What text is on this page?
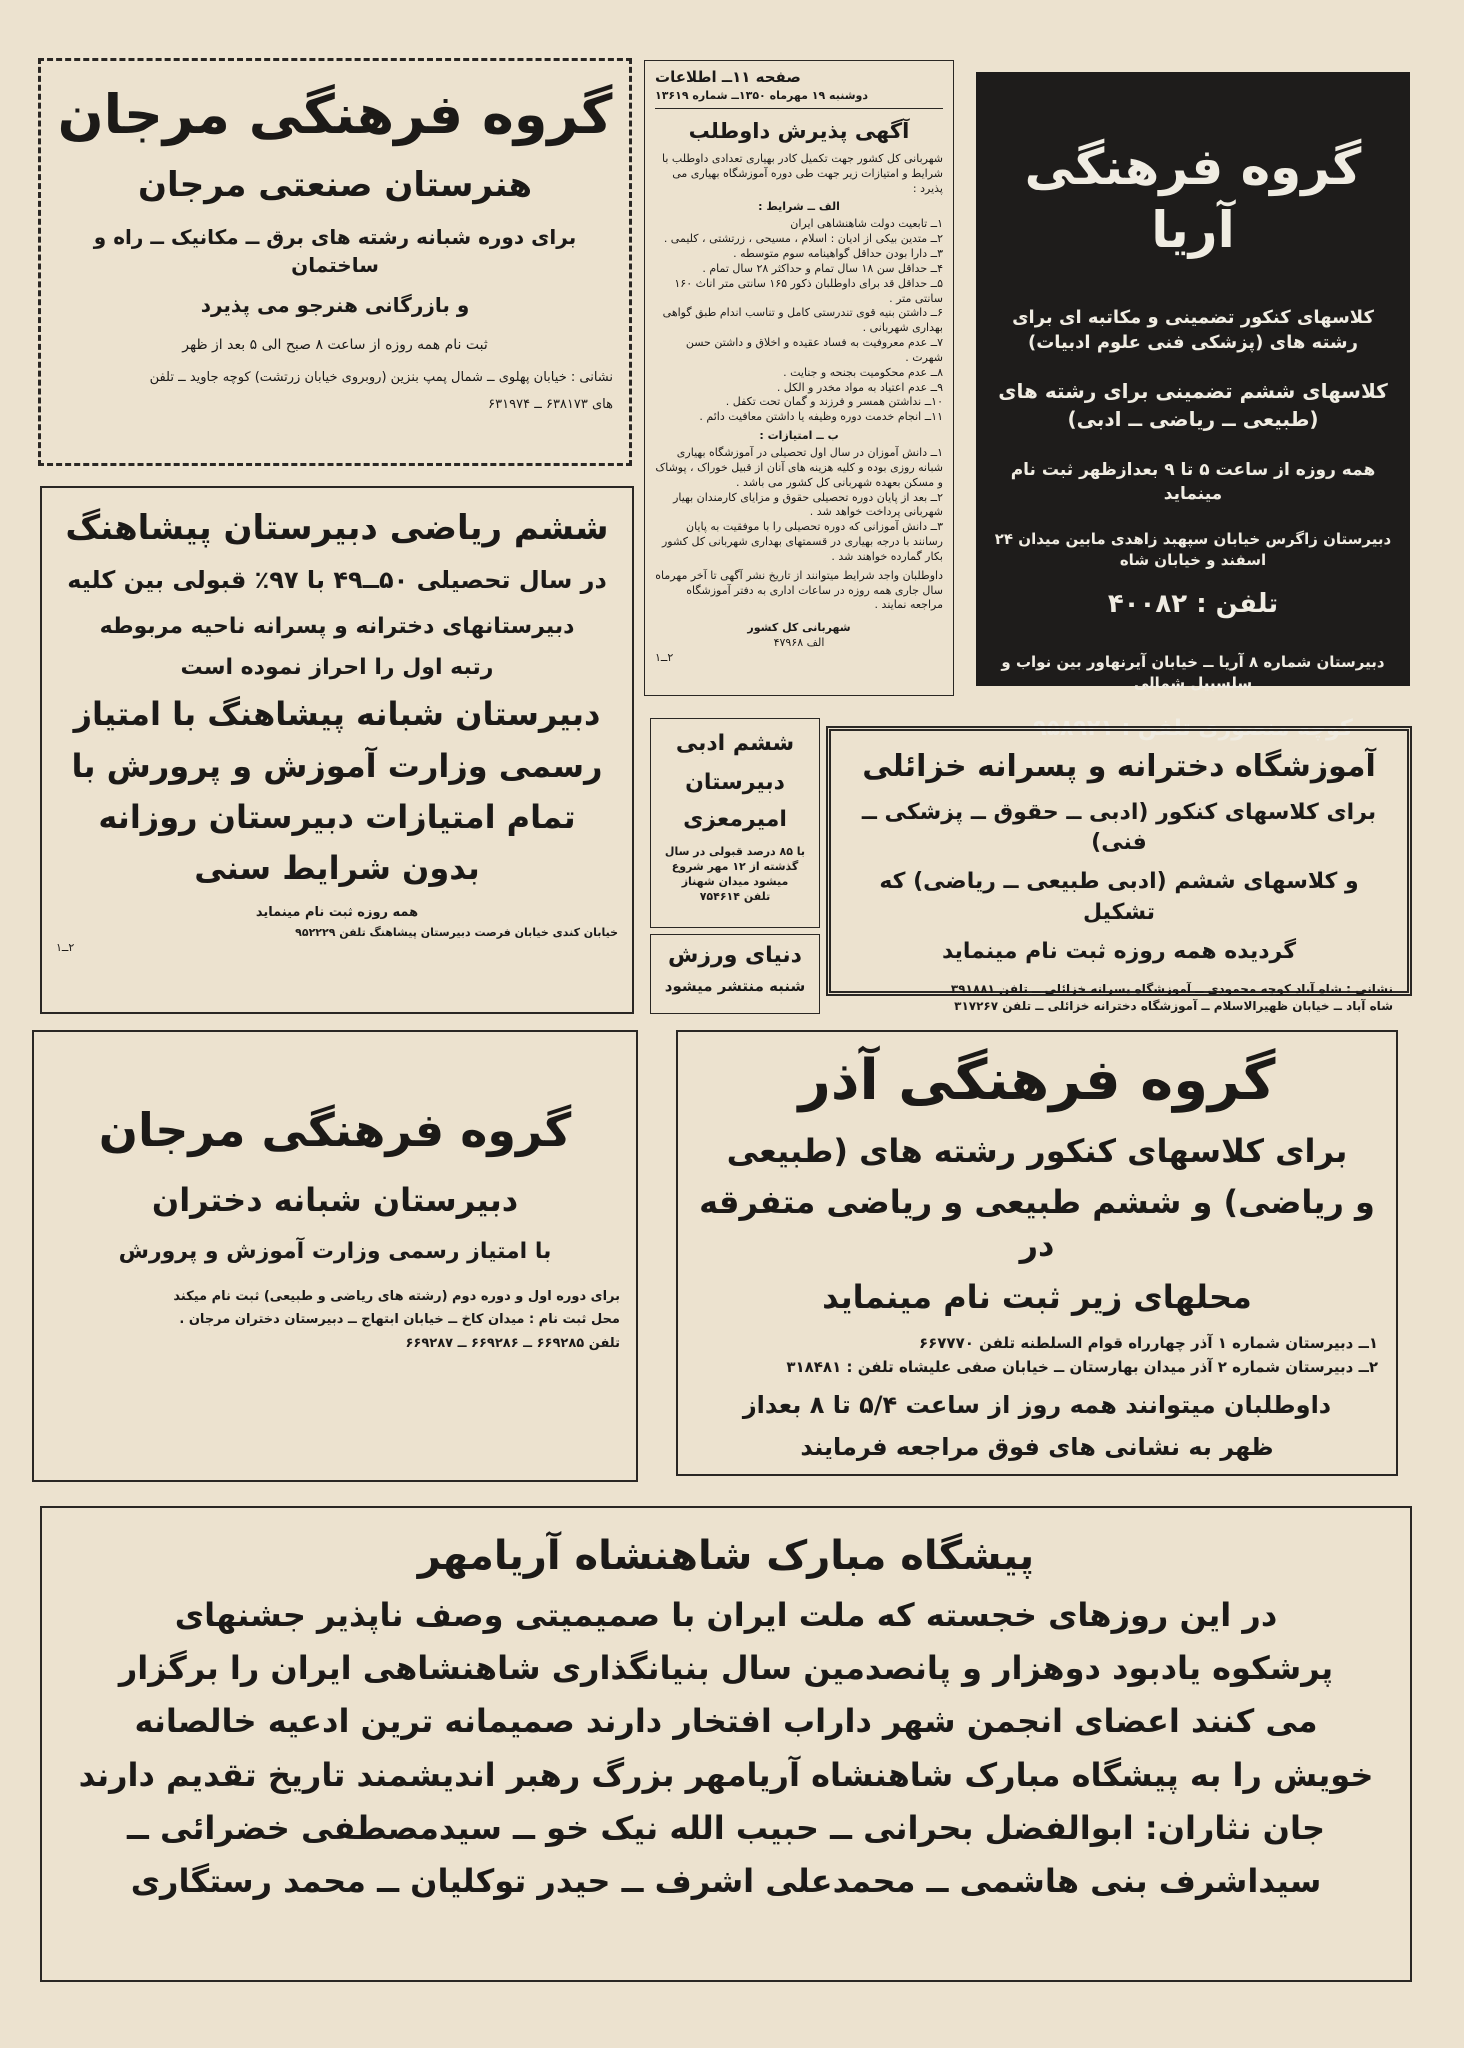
گروه فرهنگی مرجان
هنرستان صنعتی مرجان
برای دوره شبانه رشته های برق ــ مکانیک ــ راه و ساختمان
و بازرگانی هنرجو می پذیرد
ثبت نام همه روزه از ساعت ۸ صبح الی ۵ بعد از ظهر
نشانی : خیابان پهلوی ــ شمال پمپ بنزین (روبروی خیابان زرتشت) کوچه جاوید ــ تلفن
های ۶۳۸۱۷۳ ــ ۶۳۱۹۷۴
صفحه ۱۱ــ اطلاعات
دوشنبه ۱۹ مهرماه ۱۳۵۰ــ شماره ۱۳۶۱۹
آگهی پذیرش داوطلب
شهربانی کل کشور جهت تکمیل کادر بهیاری تعدادی داوطلب با شرایط و امتیازات زیر جهت طی دوره آموزشگاه بهیاری می پذیرد :
الف ــ شرایط :
۱ــ تابعیت دولت شاهنشاهی ایران
۲ــ متدین بیکی از ادیان : اسلام ، مسیحی ، زرتشتی ، کلیمی .
۳ــ دارا بودن حداقل گواهینامه سوم متوسطه .
۴ــ حداقل سن ۱۸ سال تمام و حداکثر ۲۸ سال تمام .
۵ــ حداقل قد برای داوطلبان ذکور ۱۶۵ سانتی متر اناث ۱۶۰ سانتی متر .
۶ــ داشتن بنیه قوی تندرستی کامل و تناسب اندام طبق گواهی بهداری شهربانی .
۷ــ عدم معروفیت به فساد عقیده و اخلاق و داشتن حسن شهرت .
۸ــ عدم محکومیت بجنحه و جنایت .
۹ــ عدم اعتیاد به مواد مخدر و الکل .
۱۰ــ نداشتن همسر و فرزند و گمان تحت تکفل .
۱۱ــ انجام خدمت دوره وظیفه یا داشتن معافیت دائم .
ب ــ امتیازات :
۱ــ دانش آموزان در سال اول تحصیلی در آموزشگاه بهیاری شبانه روزی بوده و کلیه هزینه های آنان از قبیل خوراک ، پوشاک و مسکن بعهده شهربانی کل کشور می باشد .
۲ــ بعد از پایان دوره تحصیلی حقوق و مزایای کارمندان بهیار شهربانی پرداخت خواهد شد .
۳ــ دانش آموزانی که دوره تحصیلی را با موفقیت به پایان رسانند با درجه بهیاری در قسمتهای بهداری شهربانی کل کشور بکار گمارده خواهند شد .
داوطلبان واجد شرایط میتوانند از تاریخ نشر آگهی تا آخر مهرماه سال جاری همه روزه در ساعات اداری به دفتر آموزشگاه مراجعه نمایند .
شهربانی کل کشور
الف ۴۷۹۶۸
۲ــ۱
گروه فرهنگی آریا
کلاسهای کنکور تضمینی و مکاتبه ای برای رشته های (پزشکی فنی علوم ادبیات)
کلاسهای ششم تضمینی برای رشته های (طبیعی ــ ریاضی ــ ادبی)
همه روزه از ساعت ۵ تا ۹ بعدازظهر ثبت نام مینماید
دبیرستان زاگرس خیابان سپهبد زاهدی مابین میدان ۲۴ اسفند و خیابان شاه
تلفن : ۴۰۰۸۲
دبیرستان شماره ۸ آریا ــ خیابان آیرنهاور بین نواب و سلسبیل شمالی
کوچه منصوری تلفن : ۹۵۸۹۲۱
ششم ریاضی دبیرستان پیشاهنگ
در سال تحصیلی ۵۰ــ۴۹ با ۹۷٪ قبولی بین کلیه
دبیرستانهای دخترانه و پسرانه ناحیه مربوطه
رتبه اول را احراز نموده است
دبیرستان شبانه پیشاهنگ با امتیاز
رسمی وزارت آموزش و پرورش با
تمام امتیازات دبیرستان روزانه
بدون شرایط سنی
همه روزه ثبت نام مینماید
خیابان کندی خیابان فرصت دبیرستان پیشاهنگ تلفن ۹۵۲۲۲۹
۲ــ۱
ششم ادبی
دبیرستان
امیرمعزی
با ۸۵ درصد قبولی در سال گذشته از ۱۲ مهر شروع میشود میدان شهناز
تلفن ۷۵۴۶۱۴
دنیای ورزش
شنبه منتشر میشود
آموزشگاه دخترانه و پسرانه خزائلی
برای کلاسهای کنکور (ادبی ــ حقوق ــ پزشکی ــ فنی)
و کلاسهای ششم (ادبی طبیعی ــ ریاضی) که تشکیل
گردیده همه روزه ثبت نام مینماید
نشانی : شاه آباد کوچه محمودی ــ آموزشگاه پسرانه خزائلی ــ تلفن ۳۹۱۸۸۱
شاه آباد ــ خیابان ظهیرالاسلام ــ آموزشگاه دخترانه خزائلی ــ تلفن ۳۱۷۲۶۷
گروه فرهنگی مرجان
دبیرستان شبانه دختران
با امتیاز رسمی وزارت آموزش و پرورش
برای دوره اول و دوره دوم (رشته های ریاضی و طبیعی) ثبت نام میکند
محل ثبت نام : میدان کاخ ــ خیابان ابتهاج ــ دبیرستان دختران مرجان .
تلفن ۶۶۹۲۸۵ ــ ۶۶۹۲۸۶ ــ ۶۶۹۲۸۷
گروه فرهنگی آذر
برای کلاسهای کنکور رشته های (طبیعی
و ریاضی) و ششم طبیعی و ریاضی متفرقه در
محلهای زیر ثبت نام مینماید
۱ــ دبیرستان شماره ۱ آذر چهارراه قوام السلطنه تلفن ۶۶۷۷۷۰
۲ــ دبیرستان شماره ۲ آذر میدان بهارستان ــ خیابان صفی علیشاه تلفن : ۳۱۸۴۸۱
داوطلبان میتوانند همه روز از ساعت ۵/۴ تا ۸ بعداز
ظهر به نشانی های فوق مراجعه فرمایند
پیشگاه مبارک شاهنشاه آریامهر
در این روزهای خجسته که ملت ایران با صمیمیتی وصف ناپذیر جشنهای
پرشکوه یادبود دوهزار و پانصدمین سال بنیانگذاری شاهنشاهی ایران را برگزار
می کنند اعضای انجمن شهر داراب افتخار دارند صمیمانه ترین ادعیه خالصانه
خویش را به پیشگاه مبارک شاهنشاه آریامهر بزرگ رهبر اندیشمند تاریخ تقدیم دارند
جان نثاران: ابوالفضل بحرانی ــ حبیب الله نیک خو ــ سیدمصطفی خضرائی ــ
سیداشرف بنی هاشمی ــ محمدعلی اشرف ــ حیدر توکلیان ــ محمد رستگاری
